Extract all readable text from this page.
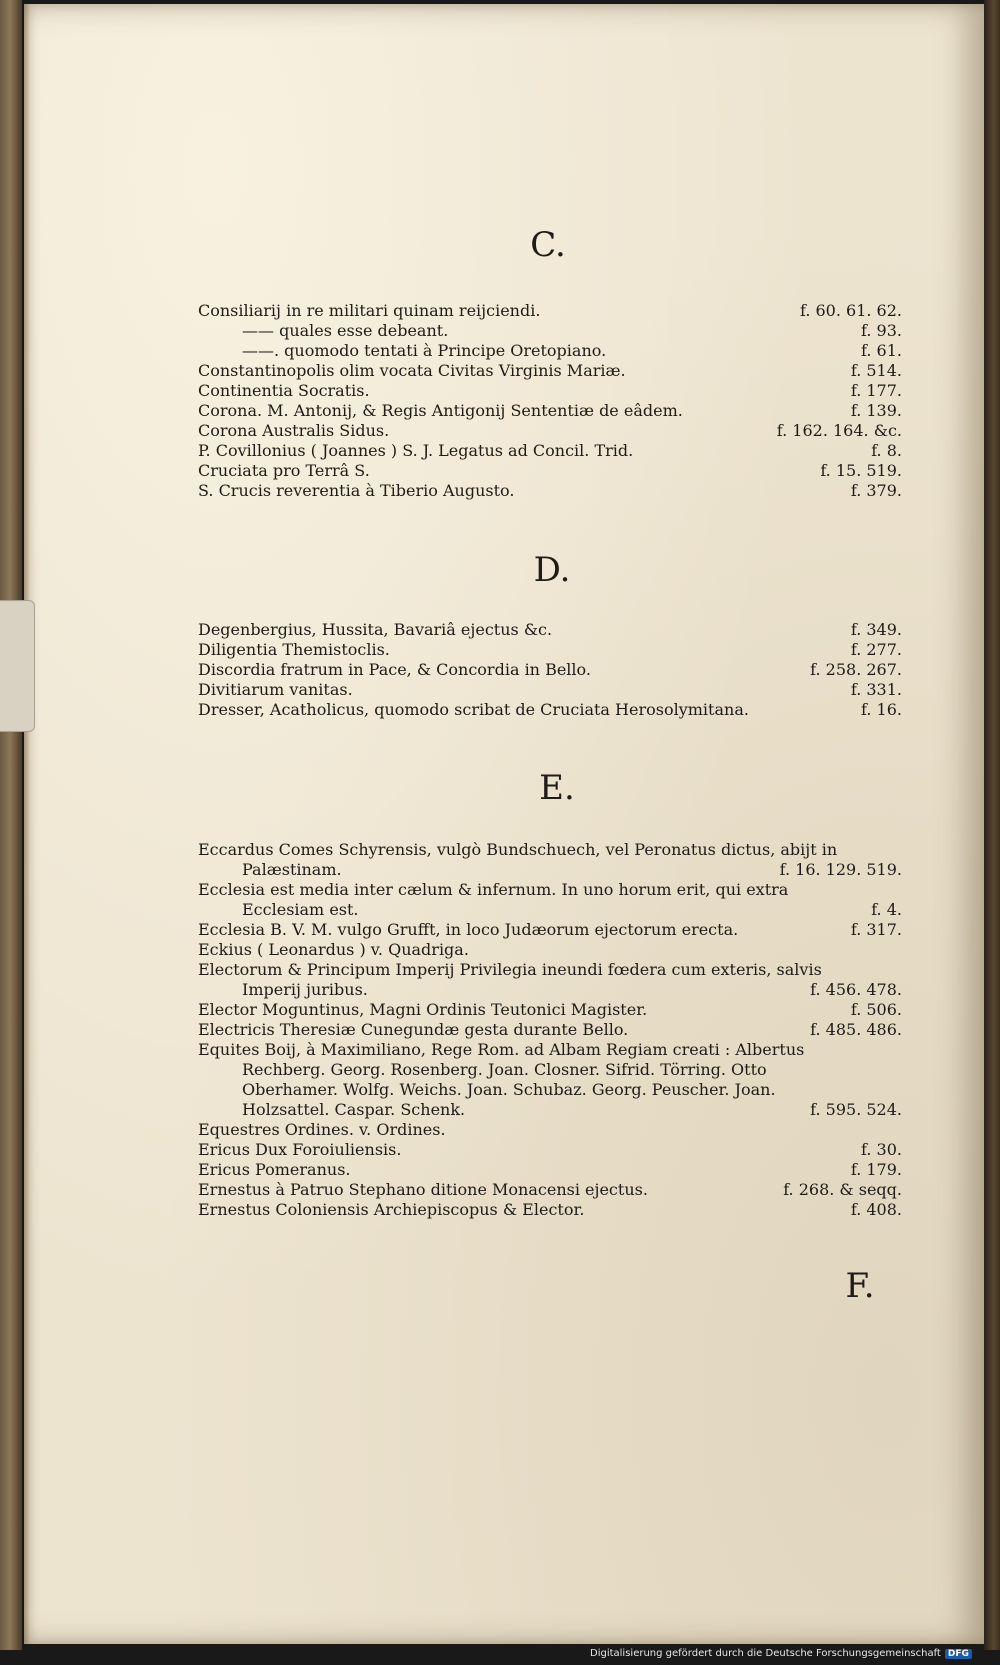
C.
Consiliarij in re militari quinam reijciendi.	f. 60. 61. 62.
—— quales esse debeant.	f. 93.
——. quomodo tentati à Principe Oretopiano.	f. 61.
Constantinopolis olim vocata Civitas Virginis Mariæ.	f. 514.
Continentia Socratis.	f. 177.
Corona. M. Antonij, & Regis Antigonij Sententiæ de eâdem.	f. 139.
Corona Australis Sidus.	f. 162. 164. &c.
P. Covillonius ( Joannes ) S. J. Legatus ad Concil. Trid.	f. 8.
Cruciata pro Terrâ S.	f. 15. 519.
S. Crucis reverentia à Tiberio Augusto.	f. 379.
D.
Degenbergius, Hussita, Bavariâ ejectus &c.	f. 349.
Diligentia Themistoclis.	f. 277.
Discordia fratrum in Pace, & Concordia in Bello.	f. 258. 267.
Divitiarum vanitas.	f. 331.
Dresser, Acatholicus, quomodo scribat de Cruciata Herosolymitana.	f. 16.
E.
Eccardus Comes Schyrensis, vulgò Bundschuech, vel Peronatus dictus, abijt in
Palæstinam.	f. 16. 129. 519.
Ecclesia est media inter cælum & infernum. In uno horum erit, qui extra
Ecclesiam est.	f. 4.
Ecclesia B. V. M. vulgo Grufft, in loco Judæorum ejectorum erecta.	f. 317.
Eckius ( Leonardus ) v. Quadriga.
Electorum & Principum Imperij Privilegia ineundi fœdera cum exteris, salvis
Imperij juribus.	f. 456. 478.
Elector Moguntinus, Magni Ordinis Teutonici Magister.	f. 506.
Electricis Theresiæ Cunegundæ gesta durante Bello.	f. 485. 486.
Equites Boij, à Maximiliano, Rege Rom. ad Albam Regiam creati : Albertus
Rechberg. Georg. Rosenberg. Joan. Closner. Sifrid. Törring. Otto
Oberhamer. Wolfg. Weichs. Joan. Schubaz. Georg. Peuscher. Joan.
Holzsattel. Caspar. Schenk.	f. 595. 524.
Equestres Ordines. v. Ordines.
Ericus Dux Foroiuliensis.	f. 30.
Ericus Pomeranus.	f. 179.
Ernestus à Patruo Stephano ditione Monacensi ejectus.	f. 268. & seqq.
Ernestus Coloniensis Archiepiscopus & Elector.	f. 408.
F.
Digitalisierung gefördert durch die Deutsche Forschungsgemeinschaft DFG
